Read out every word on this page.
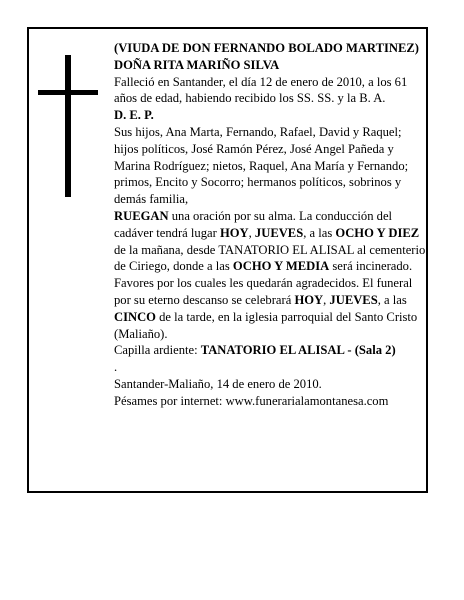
(VIUDA DE DON FERNANDO BOLADO MARTINEZ)

DOÑA RITA MARIÑO SILVA

Falleció en Santander, el día 12 de enero de 2010, a los 61 años de edad, habiendo recibido los SS. SS. y la B. A.

D. E. P.

Sus hijos, Ana Marta, Fernando, Rafael, David y Raquel; hijos políticos, José Ramón Pérez, José Angel Pañeda y Marina Rodríguez; nietos, Raquel, Ana María y Fernando; primos, Encito y Socorro; hermanos políticos, sobrinos y demás familia,

RUEGAN una oración por su alma. La conducción del cadáver tendrá lugar HOY, JUEVES, a las OCHO Y DIEZ de la mañana, desde TANATORIO EL ALISAL al cementerio de Ciriego, donde a las OCHO Y MEDIA será incinerado. Favores por los cuales les quedarán agradecidos. El funeral por su eterno descanso se celebrará HOY, JUEVES, a las CINCO de la tarde, en la iglesia parroquial del Santo Cristo (Maliaño).

Capilla ardiente: TANATORIO EL ALISAL - (Sala 2)

.

Santander-Maliaño, 14 de enero de 2010.

Pésames por internet: www.funerarialamontanesa.com
